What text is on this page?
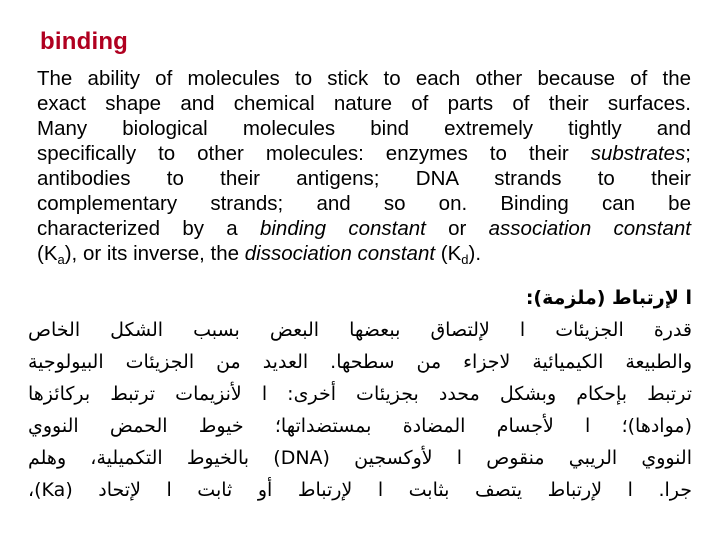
binding
The ability of molecules to stick to each other because of the
exact shape and chemical nature of parts of their surfaces.
Many biological molecules bind extremely tightly and
specifically to other molecules: enzymes to their substrates;
antibodies to their antigens; DNA strands to their
complementary strands; and so on. Binding can be
characterized by a binding constant or association constant
$(K_a)$, or its inverse, the dissociation constant $(K_d)$.
ا لإرتباط (ملزمة):
قدرة الجزيئات ا لإلتصاق ببعضها البعض بسبب الشكل الخاص
والطبيعة الكيميائية لاجزاء من سطحها. العديد من الجزيئات البيولوجية
ترتبط بإحكام وبشكل محدد بجزيئات أخرى: ا لأنزيمات ترتبط بركائزها
(موادها)؛ ا لأجسام المضادة بمستضداتها؛ خيوط الحمض النووي
النووي الريبي منقوص ا لأوكسجين (DNA) بالخيوط التكميلية، وهلم
جرا. ا لإرتباط يتصف بثابت ا لإرتباط أو ثابت ا لإتحاد (Ka)،
